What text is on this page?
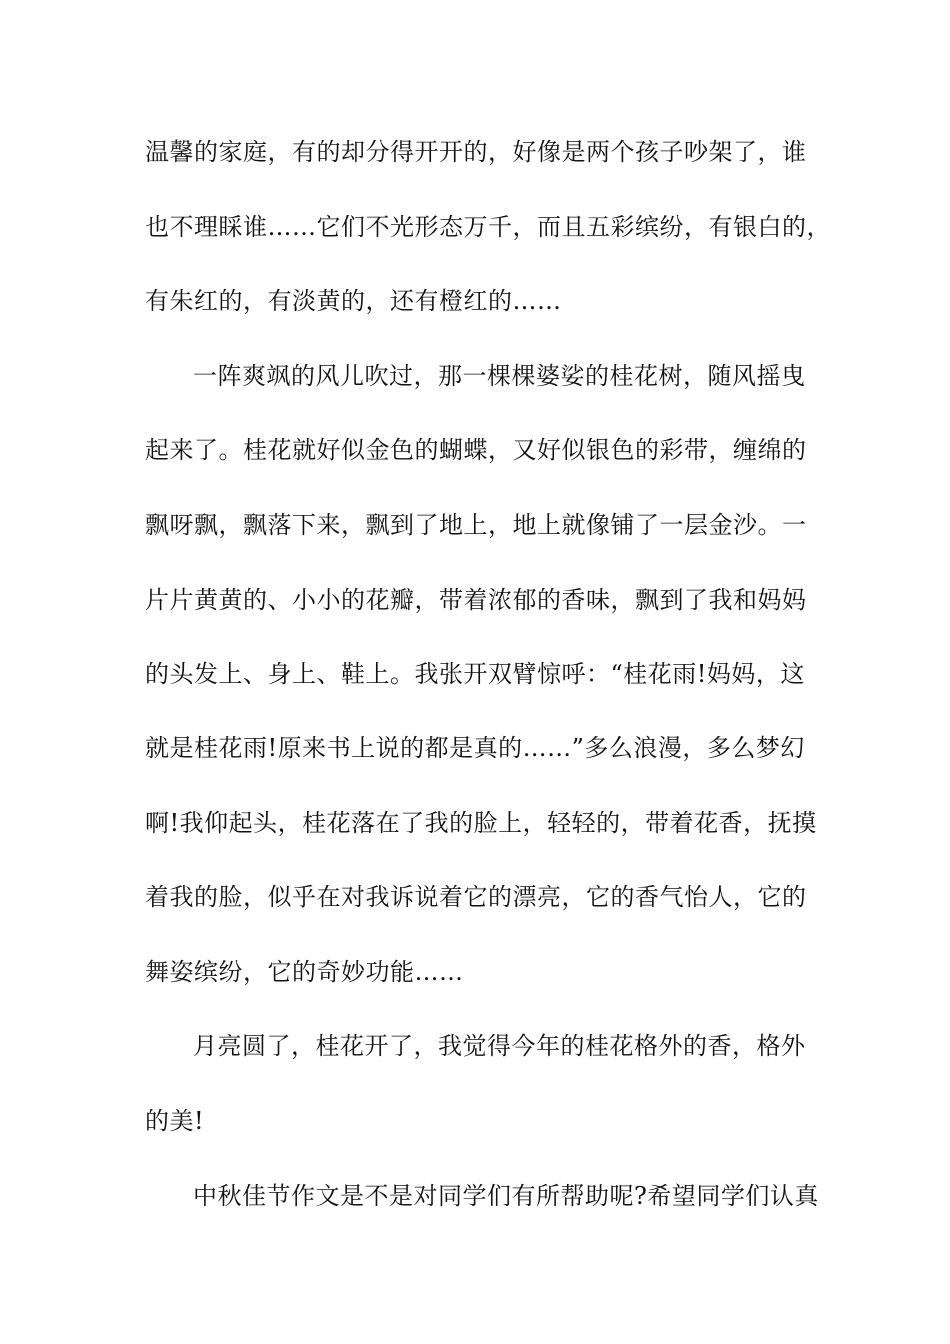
温馨的家庭，有的却分得开开的，好像是两个孩子吵架了，谁
也不理睬谁……它们不光形态万千，而且五彩缤纷，有银白的，
有朱红的，有淡黄的，还有橙红的……
一阵爽飒的风儿吹过，那一棵棵婆娑的桂花树，随风摇曳
起来了。桂花就好似金色的蝴蝶，又好似银色的彩带，缠绵的
飘呀飘，飘落下来，飘到了地上，地上就像铺了一层金沙。一
片片黄黄的、小小的花瓣，带着浓郁的香味，飘到了我和妈妈
的头发上、身上、鞋上。我张开双臂惊呼：“桂花雨!妈妈，这
就是桂花雨!原来书上说的都是真的……”多么浪漫，多么梦幻
啊!我仰起头，桂花落在了我的脸上，轻轻的，带着花香，抚摸
着我的脸，似乎在对我诉说着它的漂亮，它的香气怡人，它的
舞姿缤纷，它的奇妙功能……
月亮圆了，桂花开了，我觉得今年的桂花格外的香，格外
的美!
中秋佳节作文是不是对同学们有所帮助呢?希望同学们认真
